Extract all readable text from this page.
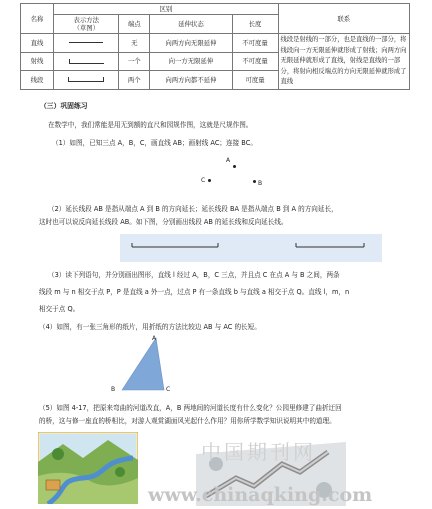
名称	区别				联系
	表示方法
（草图）	端点	延伸状态	长度	
直线		无	向两方向无限延伸	不可度量	线段是射线的一部分，也是直线的一部分，将线段向一方无限延伸就形成了射线；向两方向无限延伸就形成了直线，射线是直线的一部分，将射向相反端点的方向无限延伸就形成了直线
射线		一个	向一方无限延伸	不可度量	
线段		两个	向两方向都不延伸	可度量	
（三）巩固练习
在数学中，我们常能是用无到额的直尺和园规作图，这就是尺规作图。
（1）如图，已知三点 A，B，C，画直线 AB；画射线 AC；连接 BC。
A
C	B
（2）延长线段 AB 是指从端点 A 到 B 的方向延长；延长线段 BA 是指从端点 B 到 A 的方向延长，
这时也可以说反向延长线段 AB。如下图，分别画出线段 AB 的延长线和反向延长线。
（3）读下列语句，并分别画出图形，直线 l 经过 A，B，C 三点，并且点 C 在点 A 与 B 之间，两条
线段 m 与 n 相交于点 P，P 是直线 a 外一点，过点 P 有一条直线 b 与直线 a 相交于点 Q。直线 l，m，n
相交于点 Q。
（4）如图，有一张三角形的纸片，用折纸的方法比较边 AB 与 AC 的长短。
A
B	C
（5）如图 4-17，把原来弯曲的河道改直，A，B 两地间的河道长度有什么变化？公园里修建了曲折迂回
的桥，这与修一座直的桥相比，对游人观赏湖面风光起什么作用？用你所学数学知识说明其中的道理。
中国期刊网
www.chinaqking.com
